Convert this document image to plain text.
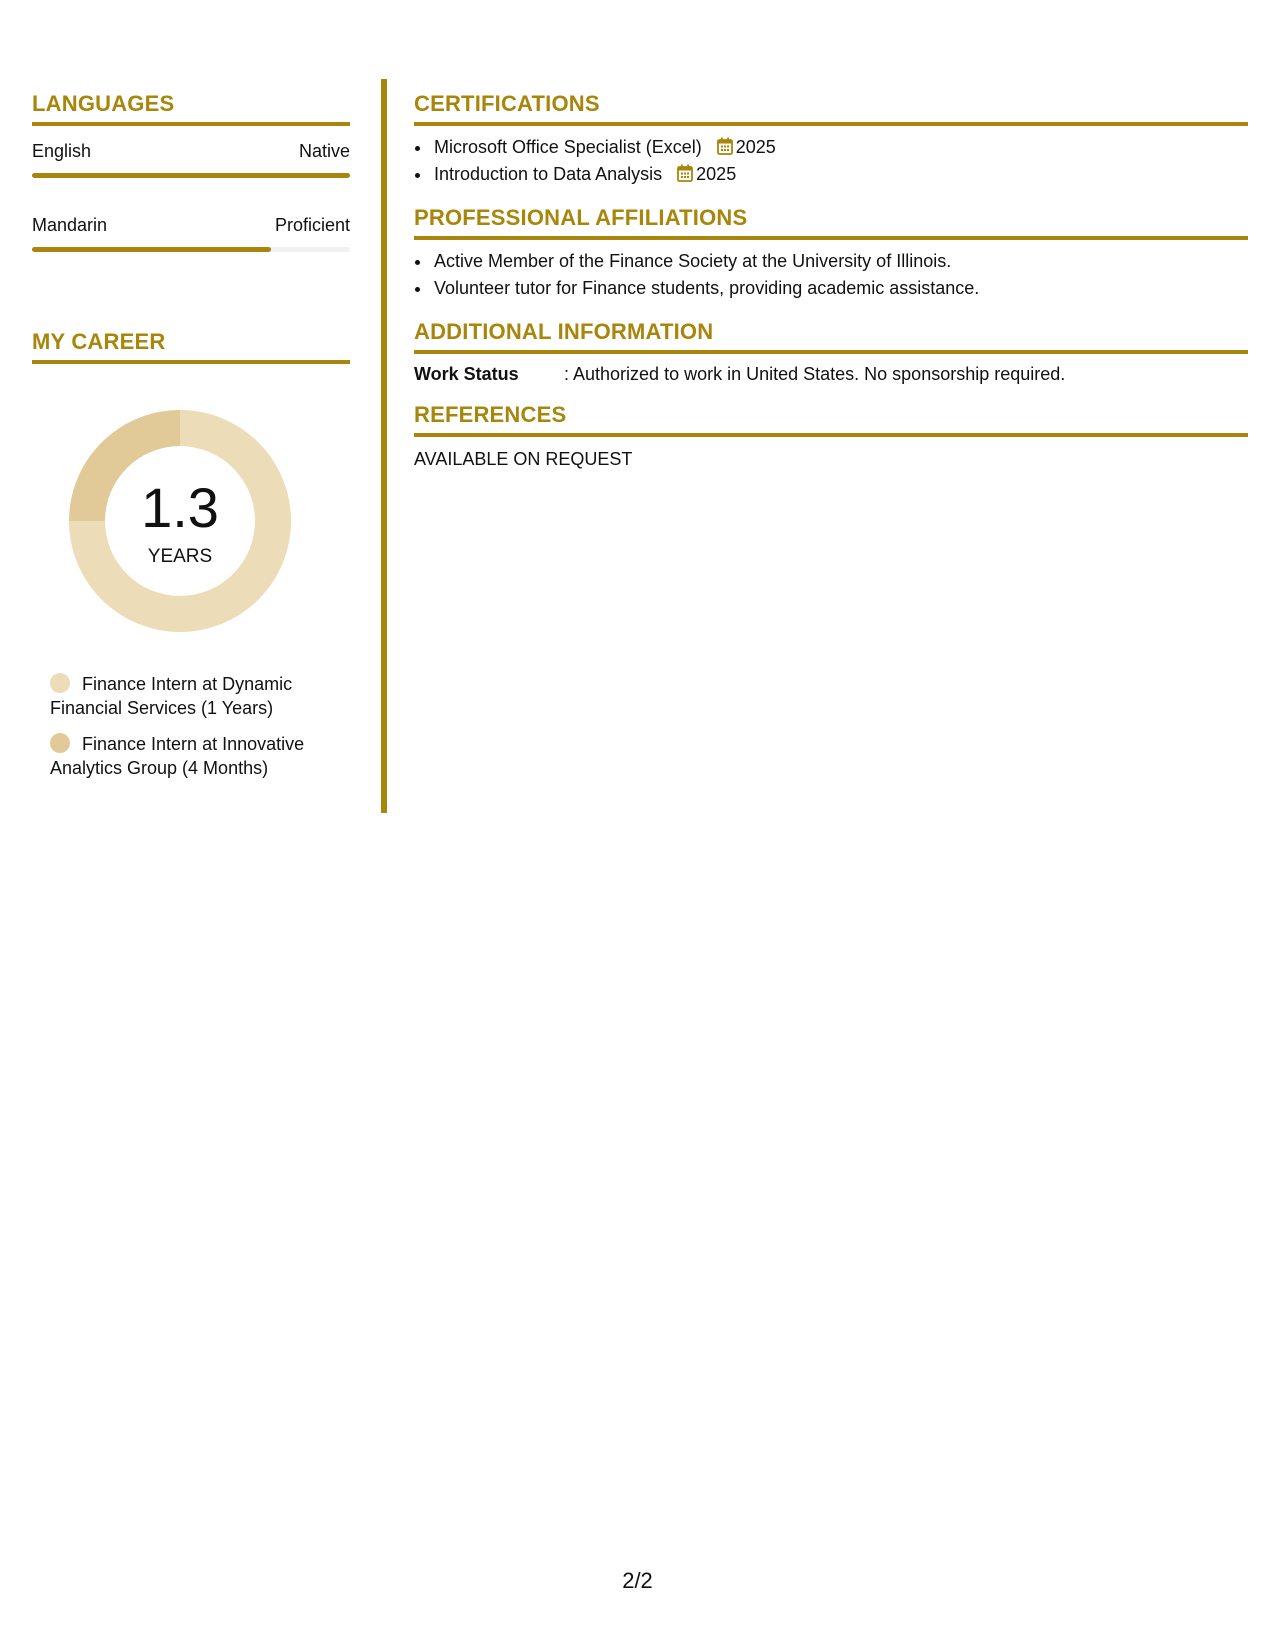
LANGUAGES
English	Native
Mandarin	Proficient
MY CAREER
1.3
YEARS
Finance Intern at Dynamic Financial Services (1 Years)
Finance Intern at Innovative Analytics Group (4 Months)
CERTIFICATIONS
• Microsoft Office Specialist (Excel) 2025
• Introduction to Data Analysis 2025
PROFESSIONAL AFFILIATIONS
• Active Member of the Finance Society at the University of Illinois.
• Volunteer tutor for Finance students, providing academic assistance.
ADDITIONAL INFORMATION
Work Status	: Authorized to work in United States. No sponsorship required.
REFERENCES
AVAILABLE ON REQUEST
2/2
